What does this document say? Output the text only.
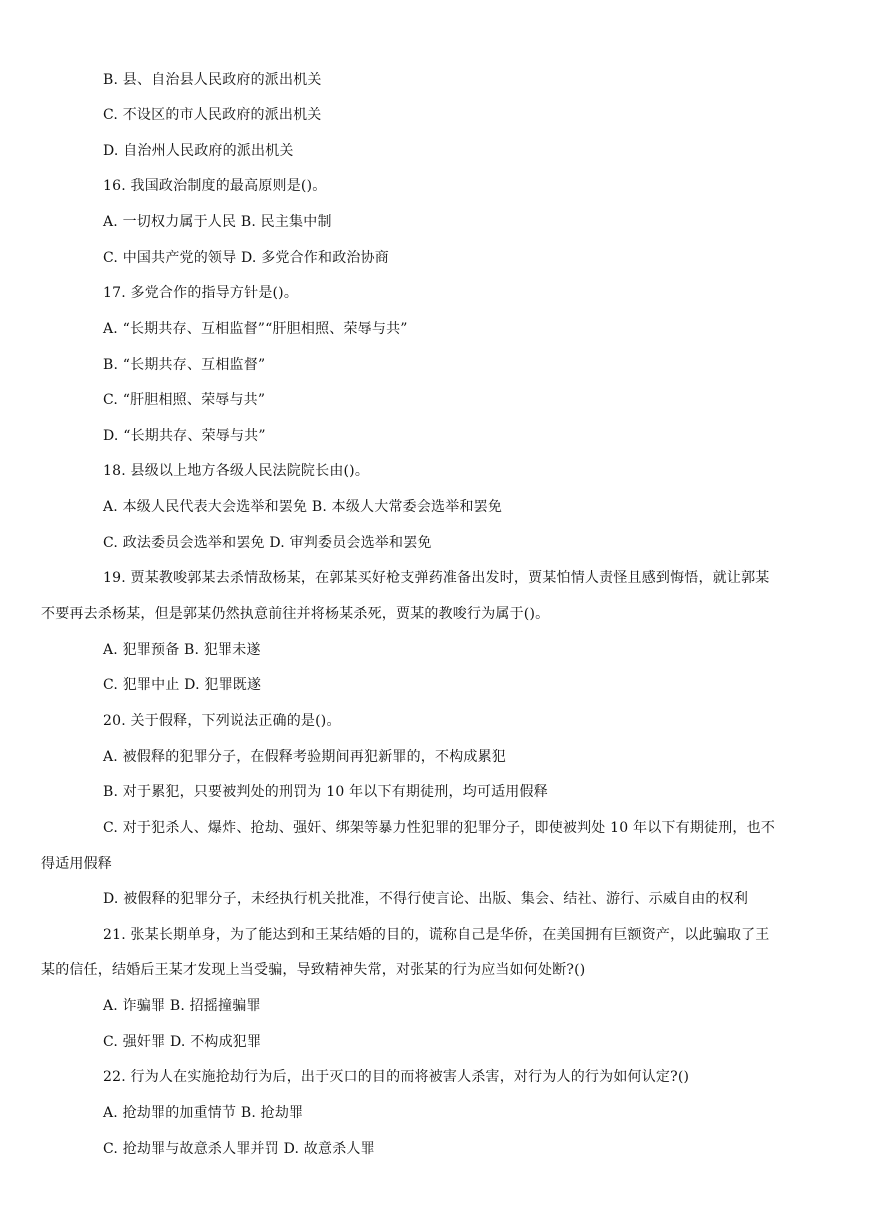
B. 县、自治县人民政府的派出机关
C. 不设区的市人民政府的派出机关
D. 自治州人民政府的派出机关
16. 我国政治制度的最高原则是()。
A. 一切权力属于人民 B. 民主集中制
C. 中国共产党的领导 D. 多党合作和政治协商
17. 多党合作的指导方针是()。
A. “长期共存、互相监督”“肝胆相照、荣辱与共”
B. “长期共存、互相监督”
C. “肝胆相照、荣辱与共”
D. “长期共存、荣辱与共”
18. 县级以上地方各级人民法院院长由()。
A. 本级人民代表大会选举和罢免 B. 本级人大常委会选举和罢免
C. 政法委员会选举和罢免 D. 审判委员会选举和罢免
19. 贾某教唆郭某去杀情敌杨某，在郭某买好枪支弹药准备出发时，贾某怕情人责怪且感到悔悟，就让郭某
不要再去杀杨某，但是郭某仍然执意前往并将杨某杀死，贾某的教唆行为属于()。
A. 犯罪预备 B. 犯罪未遂
C. 犯罪中止 D. 犯罪既遂
20. 关于假释，下列说法正确的是()。
A. 被假释的犯罪分子，在假释考验期间再犯新罪的，不构成累犯
B. 对于累犯，只要被判处的刑罚为 10 年以下有期徒刑，均可适用假释
C. 对于犯杀人、爆炸、抢劫、强奸、绑架等暴力性犯罪的犯罪分子，即使被判处 10 年以下有期徒刑，也不
得适用假释
D. 被假释的犯罪分子，未经执行机关批准，不得行使言论、出版、集会、结社、游行、示威自由的权利
21. 张某长期单身，为了能达到和王某结婚的目的，谎称自己是华侨，在美国拥有巨额资产，以此骗取了王
某的信任，结婚后王某才发现上当受骗，导致精神失常，对张某的行为应当如何处断?()
A. 诈骗罪 B. 招摇撞骗罪
C. 强奸罪 D. 不构成犯罪
22. 行为人在实施抢劫行为后，出于灭口的目的而将被害人杀害，对行为人的行为如何认定?()
A. 抢劫罪的加重情节 B. 抢劫罪
C. 抢劫罪与故意杀人罪并罚 D. 故意杀人罪
